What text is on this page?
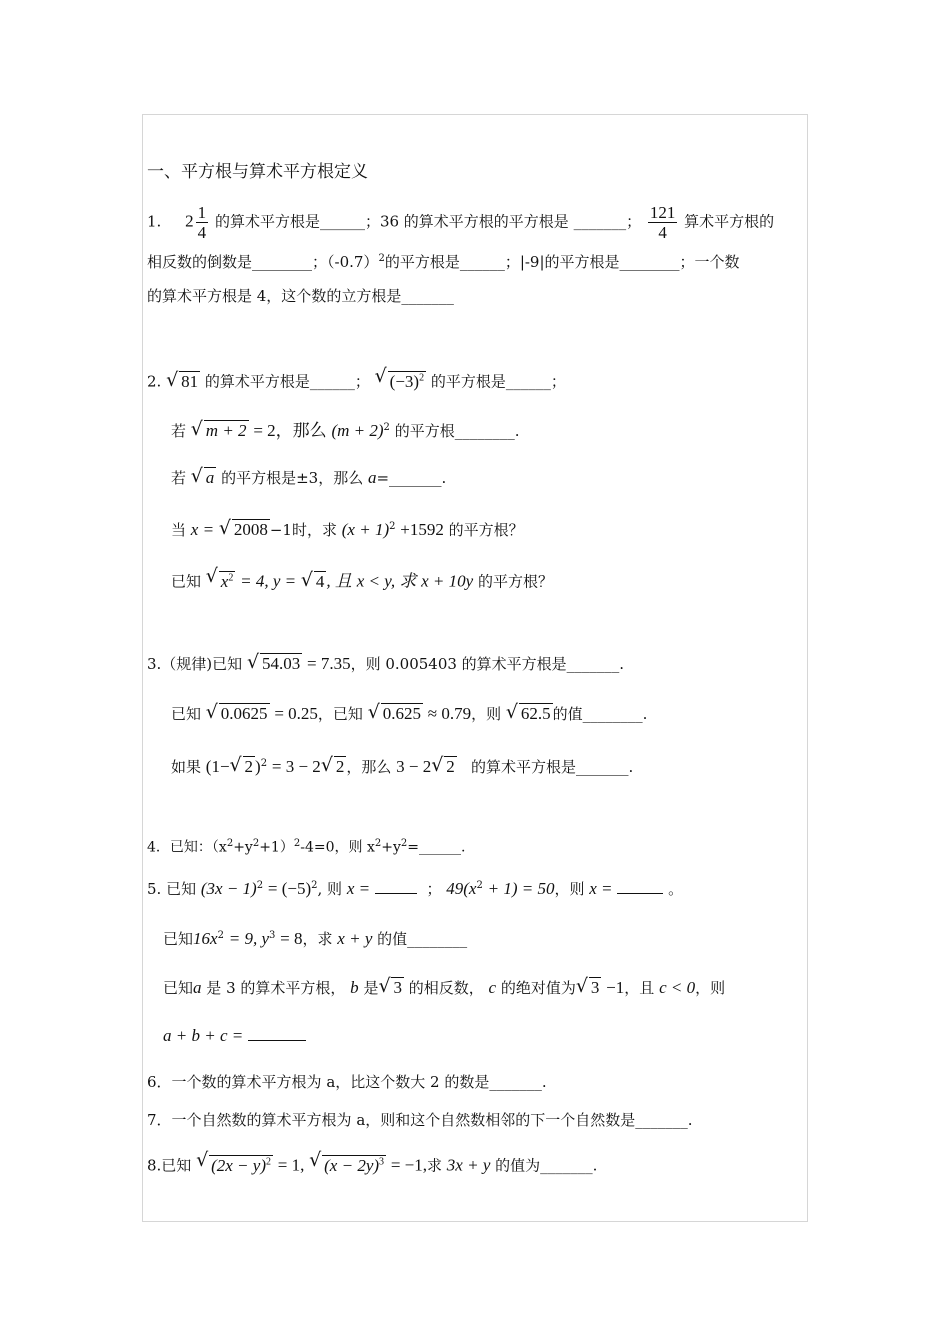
一、平方根与算术平方根定义
1. $2 \frac{1}{4}$ 的算术平方根是______；36 的算术平方根的平方根是 _______； $\frac{121}{4}$ 算术平方根的
相反数的倒数是________；$(-0.7)^2$的平方根是______；|-9|的平方根是________；一个数
的算术平方根是 4，这个数的立方根是_______
2. √ 81 的算术平方根是______； √ $(-3)^2$ 的平方根是______；
若 √ m + 2 = 2，那么 $(m + 2)^2$ 的平方根________.
若 √ a 的平方根是±3，那么 a=_______.
当 x = √ 2008 −1时，求 $(x + 1)^2 +1592$ 的平方根？
已知 √ $x^2 = 4$, y = √ 4 , 且 x < y, 求 x + 10y 的平方根？
3.（规律)已知 √ 54.03 = 7.35，则 0.005403 的算术平方根是_______.
已知 √ 0.0625 = 0.25，已知 √ 0.625 ≈ 0.79，则 √ 62.5 的值________.
如果 (1− √ 2 )$^2$ = 3 − 2 √ 2 ，那么 3 − 2 √ 2 的算术平方根是_______.
4．已知：$(x^2+y^2+1)^2-4=0$，则 $x^2+y^2=\_\_\_\_\_\_$.
5. 已知 $(3x - 1)^2 = (-5)^2$, 则 x =	； $49(x^2 + 1) = 50$，则 x =	。
已知$16x^2 = 9$, $y^3 = 8$，求 x + y 的值________
已知a 是 3 的算术平方根， b 是 √ 3 的相反数， c 的绝对值为 √ 3 −1，且 c < 0，则
a + b + c =
6．一个数的算术平方根为 a，比这个数大 2 的数是_______.
7．一个自然数的算术平方根为 a，则和这个自然数相邻的下一个自然数是_______.
8.已知 √ $(2x - y)^2 = 1$, √ $(x - 2y)^3 = -1$,求 3x + y 的值为_______.
